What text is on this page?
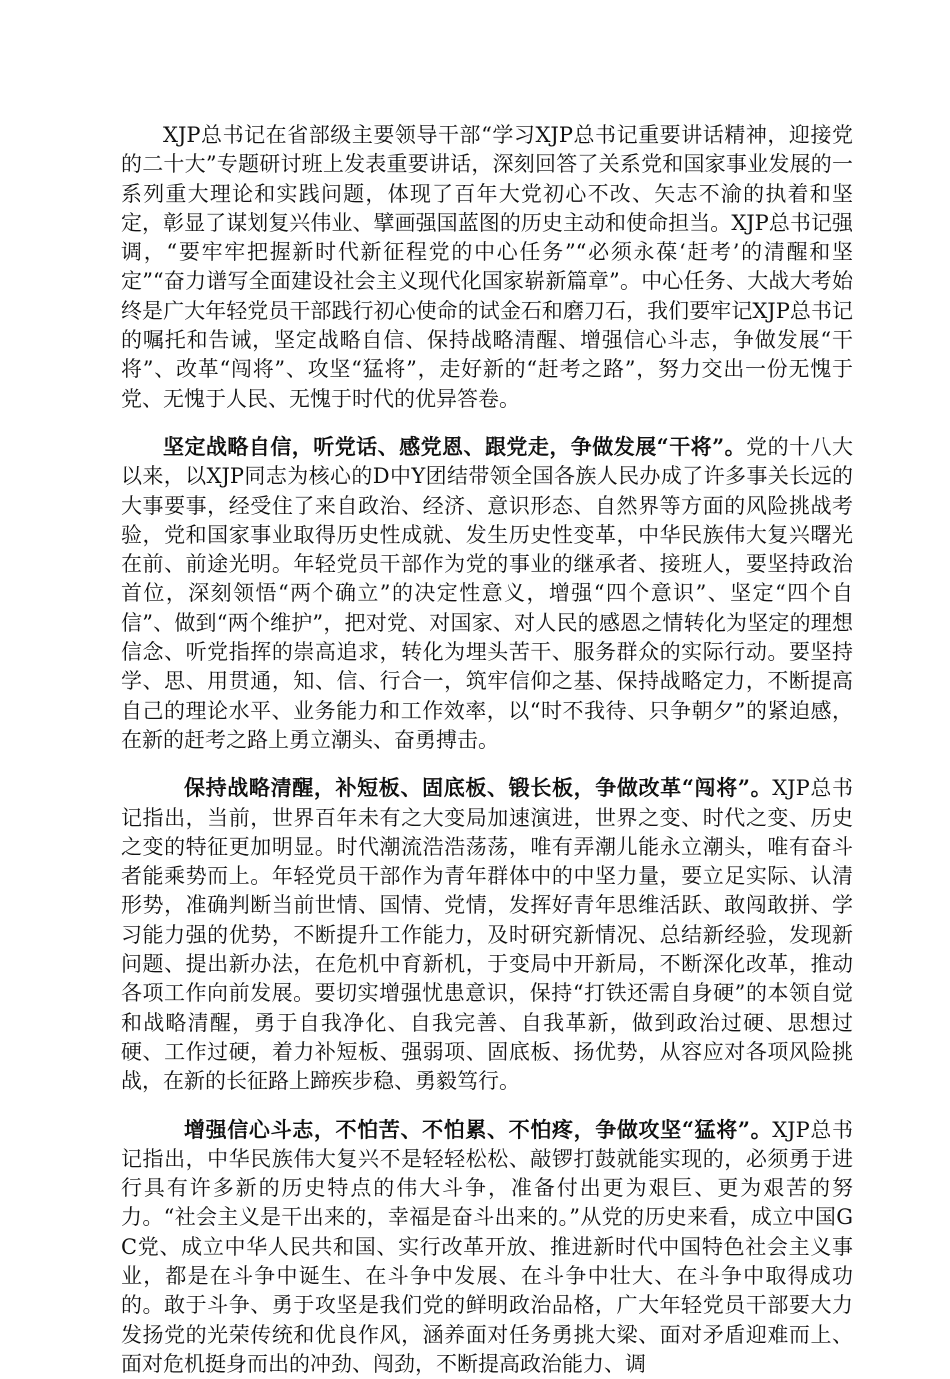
XJP总书记在省部级主要领导干部“学习XJP总书记重要讲话精神，迎接党的二十大”专题研讨班上发表重要讲话，深刻回答了关系党和国家事业发展的一系列重大理论和实践问题，体现了百年大党初心不改、矢志不渝的执着和坚定，彰显了谋划复兴伟业、擘画强国蓝图的历史主动和使命担当。XJP总书记强调，“要牢牢把握新时代新征程党的中心任务”“必须永葆‘赶考’的清醒和坚定”“奋力谱写全面建设社会主义现代化国家崭新篇章”。中心任务、大战大考始终是广大年轻党员干部践行初心使命的试金石和磨刀石，我们要牢记XJP总书记的嘱托和告诫，坚定战略自信、保持战略清醒、增强信心斗志，争做发展“干将”、改革“闯将”、攻坚“猛将”，走好新的“赶考之路”，努力交出一份无愧于党、无愧于人民、无愧于时代的优异答卷。

坚定战略自信，听党话、感党恩、跟党走，争做发展“干将”。党的十八大以来，以XJP同志为核心的D中Y团结带领全国各族人民办成了许多事关长远的大事要事，经受住了来自政治、经济、意识形态、自然界等方面的风险挑战考验，党和国家事业取得历史性成就、发生历史性变革，中华民族伟大复兴曙光在前、前途光明。年轻党员干部作为党的事业的继承者、接班人，要坚持政治首位，深刻领悟“两个确立”的决定性意义，增强“四个意识”、坚定“四个自信”、做到“两个维护”，把对党、对国家、对人民的感恩之情转化为坚定的理想信念、听党指挥的崇高追求，转化为埋头苦干、服务群众的实际行动。要坚持学、思、用贯通，知、信、行合一，筑牢信仰之基、保持战略定力，不断提高自己的理论水平、业务能力和工作效率，以“时不我待、只争朝夕”的紧迫感，在新的赶考之路上勇立潮头、奋勇搏击。

保持战略清醒，补短板、固底板、锻长板，争做改革“闯将”。XJP总书记指出，当前，世界百年未有之大变局加速演进，世界之变、时代之变、历史之变的特征更加明显。时代潮流浩浩荡荡，唯有弄潮儿能永立潮头，唯有奋斗者能乘势而上。年轻党员干部作为青年群体中的中坚力量，要立足实际、认清形势，准确判断当前世情、国情、党情，发挥好青年思维活跃、敢闯敢拼、学习能力强的优势，不断提升工作能力，及时研究新情况、总结新经验，发现新问题、提出新办法，在危机中育新机，于变局中开新局，不断深化改革，推动各项工作向前发展。要切实增强忧患意识，保持“打铁还需自身硬”的本领自觉和战略清醒，勇于自我净化、自我完善、自我革新，做到政治过硬、思想过硬、工作过硬，着力补短板、强弱项、固底板、扬优势，从容应对各项风险挑战，在新的长征路上蹄疾步稳、勇毅笃行。

增强信心斗志，不怕苦、不怕累、不怕疼，争做攻坚“猛将”。XJP总书记指出，中华民族伟大复兴不是轻轻松松、敲锣打鼓就能实现的，必须勇于进行具有许多新的历史特点的伟大斗争，准备付出更为艰巨、更为艰苦的努力。“社会主义是干出来的，幸福是奋斗出来的。”从党的历史来看，成立中国GC党、成立中华人民共和国、实行改革开放、推进新时代中国特色社会主义事业，都是在斗争中诞生、在斗争中发展、在斗争中壮大、在斗争中取得成功的。敢于斗争、勇于攻坚是我们党的鲜明政治品格，广大年轻党员干部要大力发扬党的光荣传统和优良作风，涵养面对任务勇挑大梁、面对矛盾迎难而上、面对危机挺身而出的冲劲、闯劲，不断提高政治能力、调
